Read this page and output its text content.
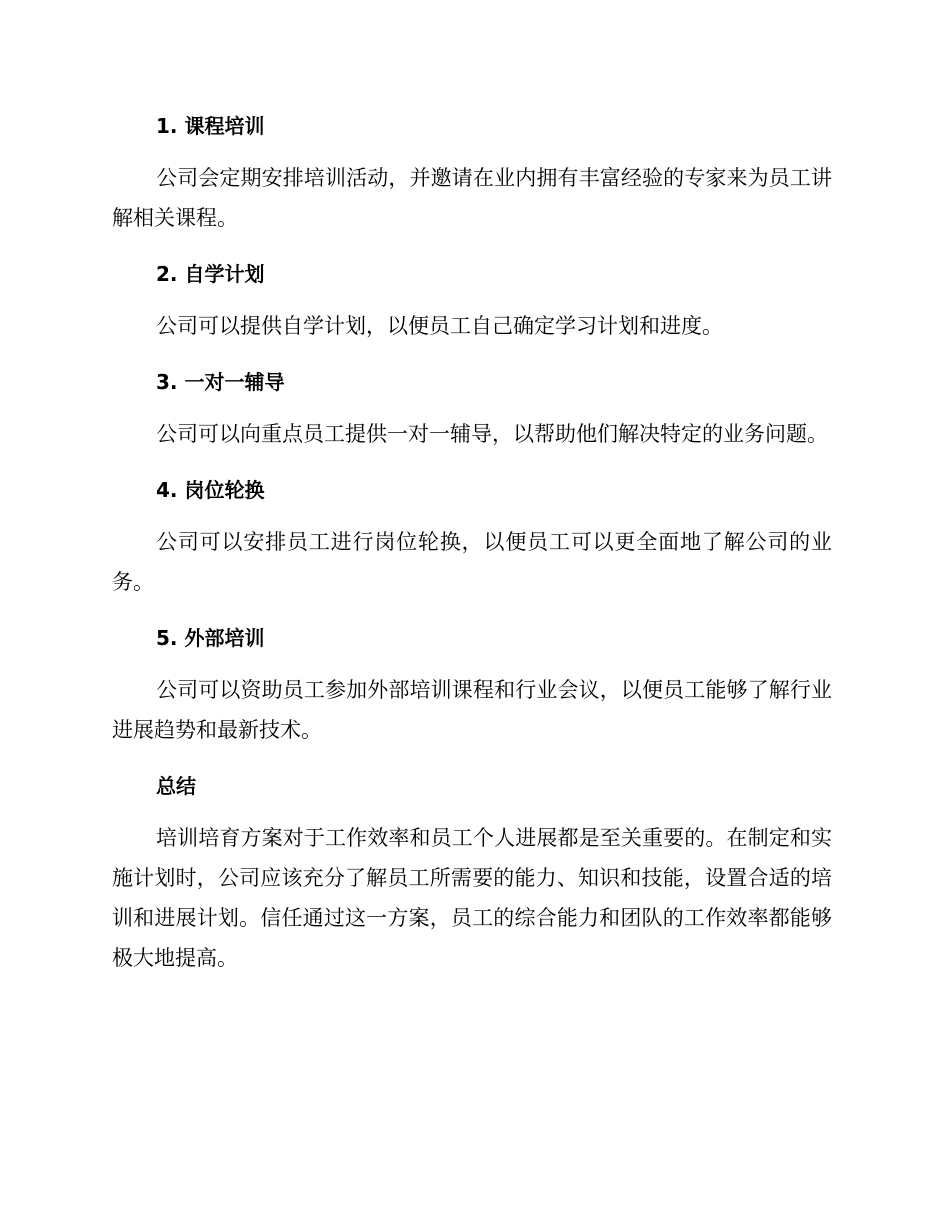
1. 课程培训

公司会定期安排培训活动，并邀请在业内拥有丰富经验的专家来为员工讲解相关课程。

2. 自学计划

公司可以提供自学计划，以便员工自己确定学习计划和进度。

3. 一对一辅导

公司可以向重点员工提供一对一辅导，以帮助他们解决特定的业务问题。

4. 岗位轮换

公司可以安排员工进行岗位轮换，以便员工可以更全面地了解公司的业务。

5. 外部培训

公司可以资助员工参加外部培训课程和行业会议，以便员工能够了解行业进展趋势和最新技术。

总结

培训培育方案对于工作效率和员工个人进展都是至关重要的。在制定和实施计划时，公司应该充分了解员工所需要的能力、知识和技能，设置合适的培训和进展计划。信任通过这一方案，员工的综合能力和团队的工作效率都能够极大地提高。
